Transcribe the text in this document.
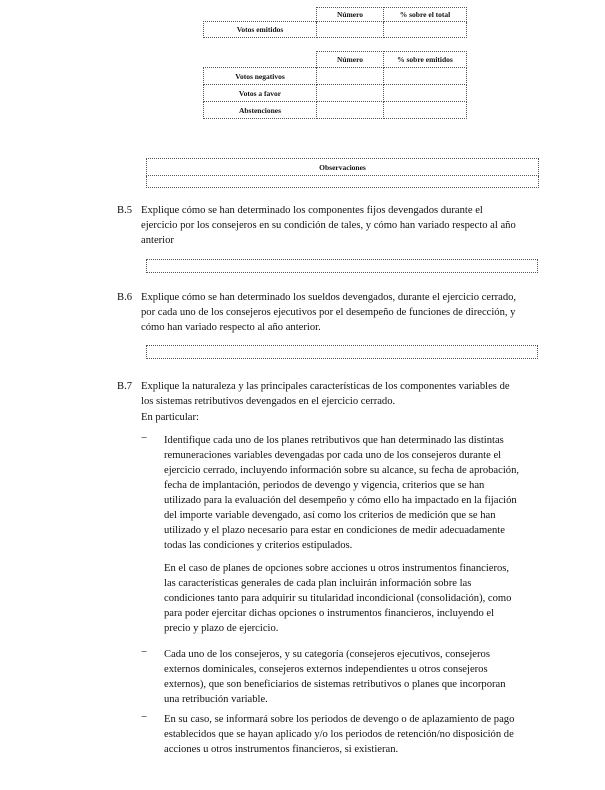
	Número	% sobre el total
Votos emitidos		
	Número	% sobre emitidos
Votos negativos		
Votos a favor		
Abstenciones		
Observaciones

B.5 Explique cómo se han determinado los componentes fijos devengados durante el
ejercicio por los consejeros en su condición de tales, y cómo han variado respecto al año
anterior
B.6 Explique cómo se han determinado los sueldos devengados, durante el ejercicio cerrado,
por cada uno de los consejeros ejecutivos por el desempeño de funciones de dirección, y
cómo han variado respecto al año anterior.
B.7 Explique la naturaleza y las principales características de los componentes variables de
los sistemas retributivos devengados en el ejercicio cerrado.
En particular:
− Identifique cada uno de los planes retributivos que han determinado las distintas
remuneraciones variables devengadas por cada uno de los consejeros durante el
ejercicio cerrado, incluyendo información sobre su alcance, su fecha de aprobación,
fecha de implantación, periodos de devengo y vigencia, criterios que se han
utilizado para la evaluación del desempeño y cómo ello ha impactado en la fijación
del importe variable devengado, así como los criterios de medición que se han
utilizado y el plazo necesario para estar en condiciones de medir adecuadamente
todas las condiciones y criterios estipulados.
En el caso de planes de opciones sobre acciones u otros instrumentos financieros,
las características generales de cada plan incluirán información sobre las
condiciones tanto para adquirir su titularidad incondicional (consolidación), como
para poder ejercitar dichas opciones o instrumentos financieros, incluyendo el
precio y plazo de ejercicio.
− Cada uno de los consejeros, y su categoría (consejeros ejecutivos, consejeros
externos dominicales, consejeros externos independientes u otros consejeros
externos), que son beneficiarios de sistemas retributivos o planes que incorporan
una retribución variable.
− En su caso, se informará sobre los periodos de devengo o de aplazamiento de pago
establecidos que se hayan aplicado y/o los periodos de retención/no disposición de
acciones u otros instrumentos financieros, si existieran.
